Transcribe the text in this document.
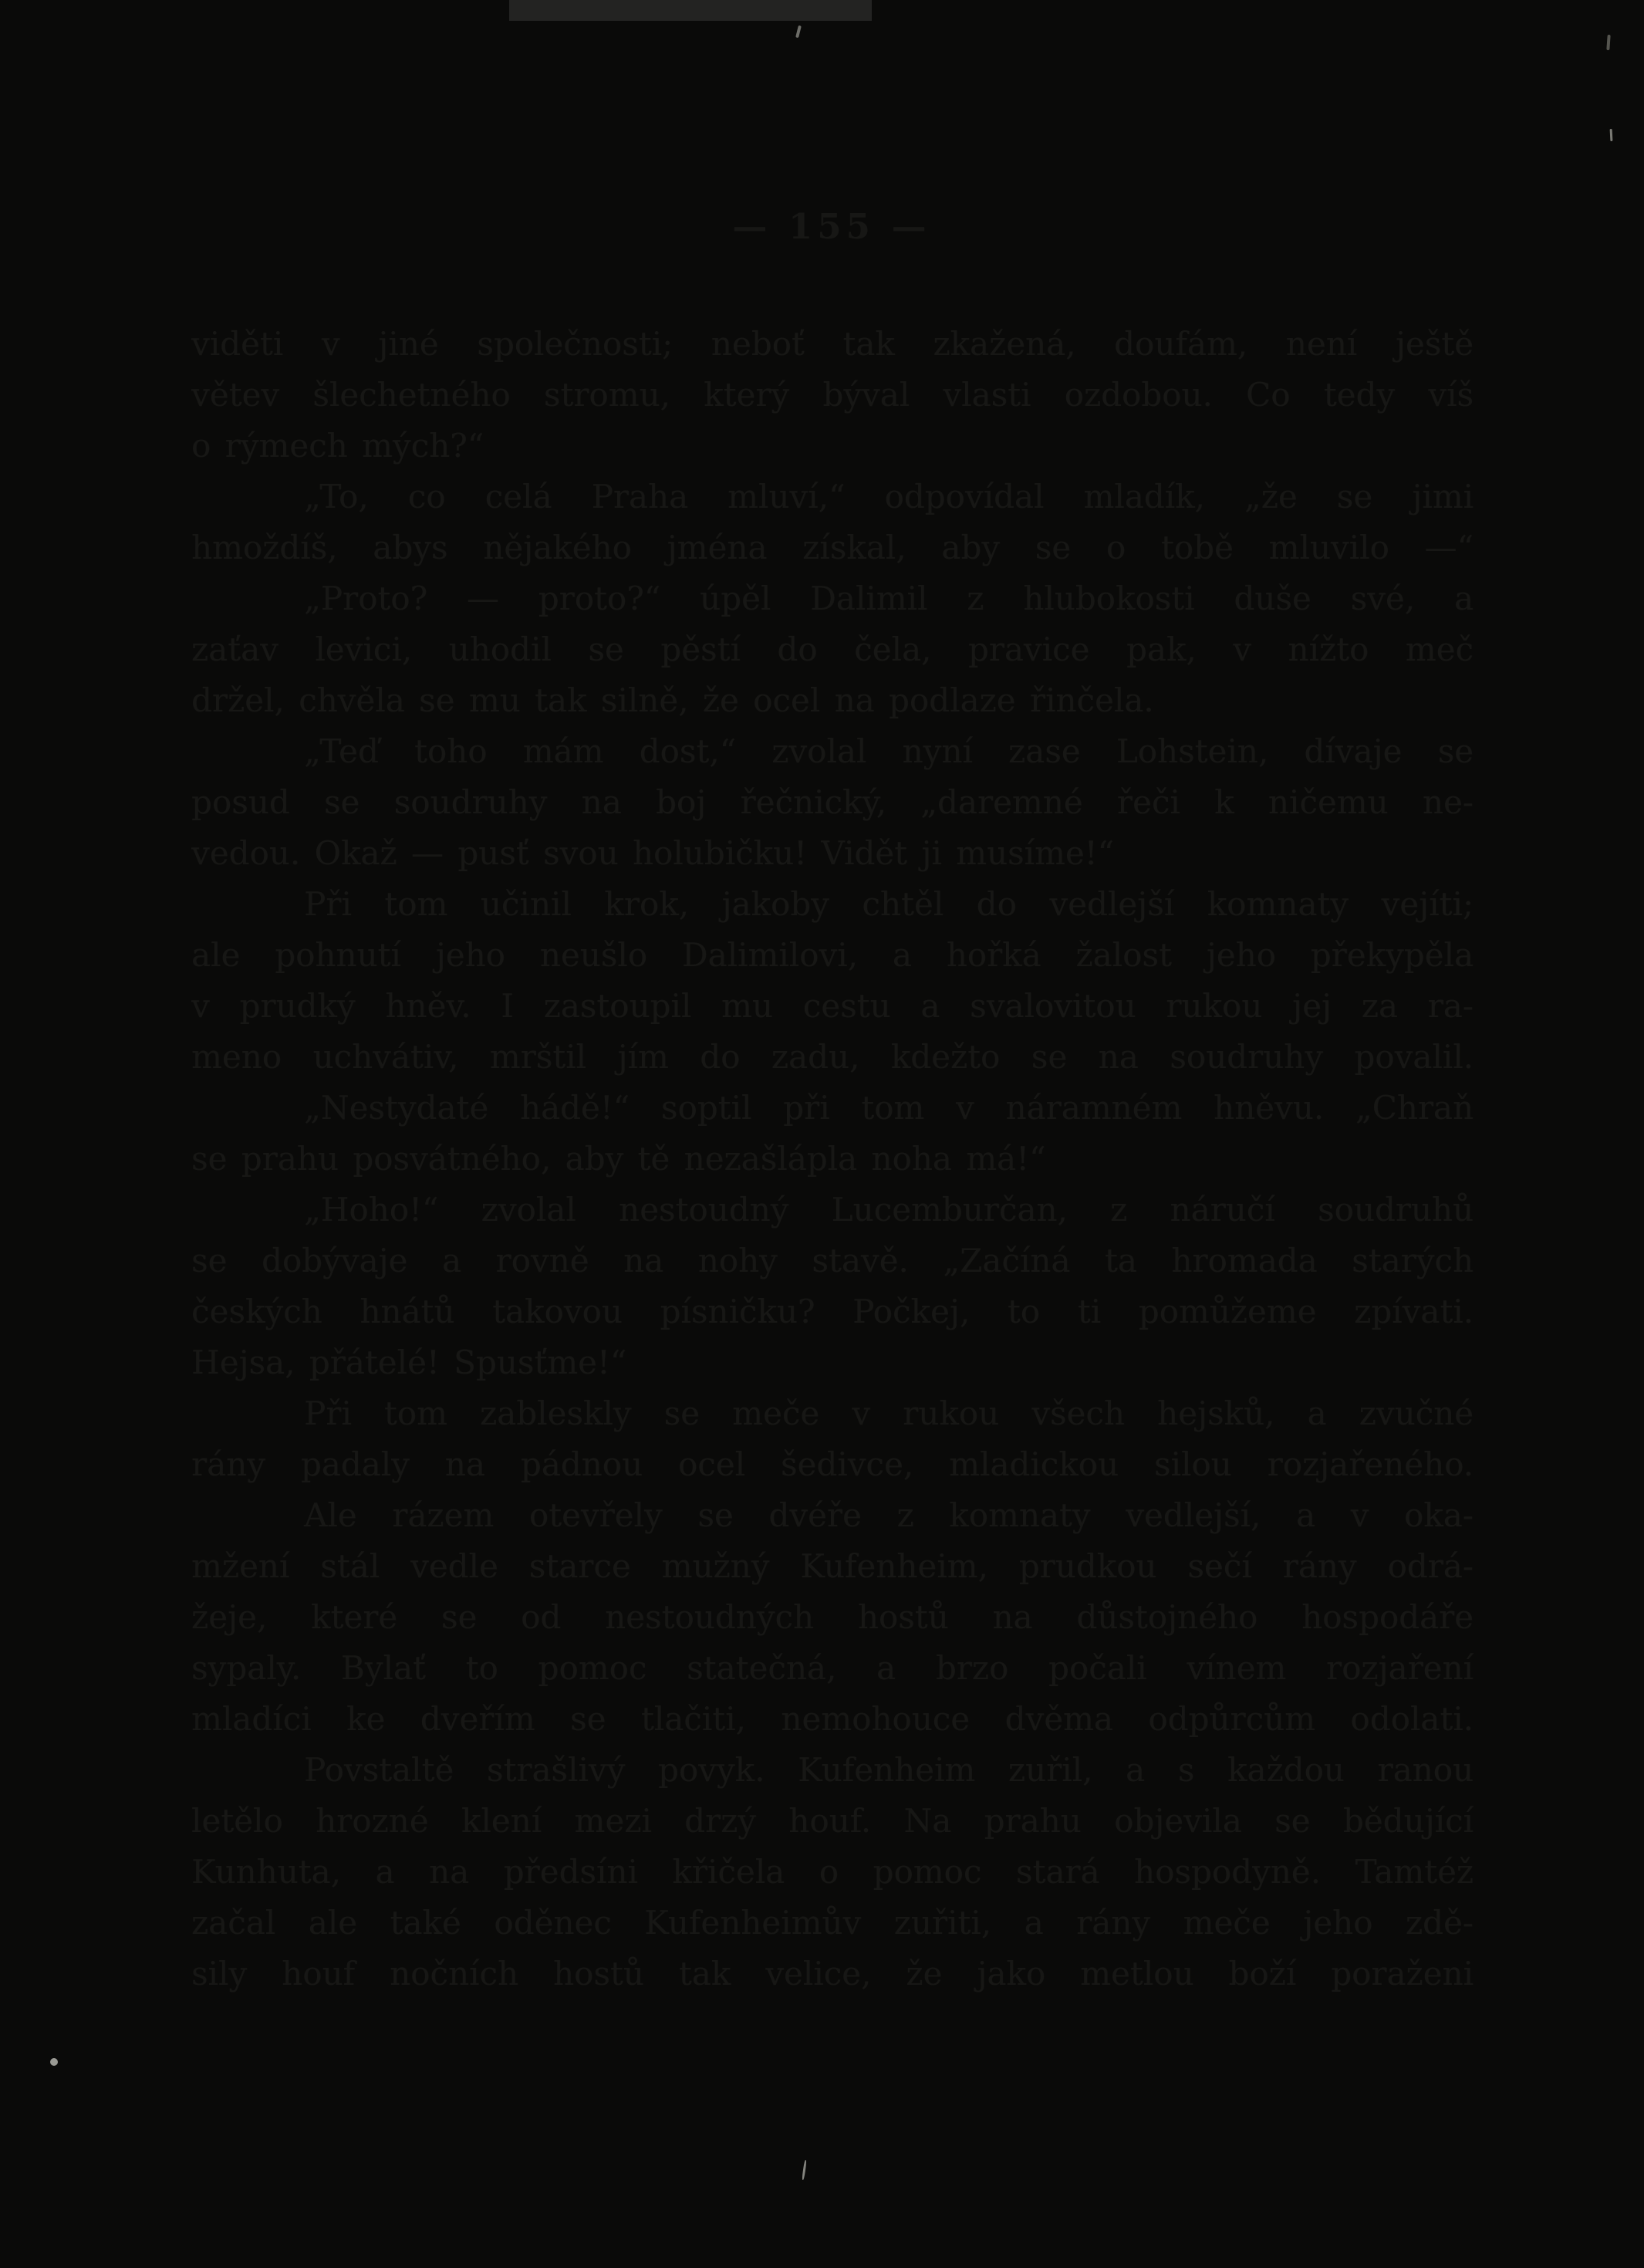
— 155 —
viděti v jiné společnosti; neboť tak zkažená, doufám, není ještě
větev šlechetného stromu, který býval vlasti ozdobou. Co tedy víš
o rýmech mých?“
„To, co celá Praha mluví,“ odpovídal mladík, „že se jimi
hmoždíš, abys nějakého jména získal, aby se o tobě mluvilo —“
„Proto? — proto?“ úpěl Dalimil z hlubokosti duše své, a
zaťav levici, uhodil se pěstí do čela, pravice pak, v nížto meč
držel, chvěla se mu tak silně, že ocel na podlaze řinčela.
„Teď toho mám dost,“ zvolal nyní zase Lohstein, dívaje se
posud se soudruhy na boj řečnický, „daremné řeči k ničemu ne-
vedou. Okaž — pusť svou holubičku! Vidět ji musíme!“
Při tom učinil krok, jakoby chtěl do vedlejší komnaty vejíti;
ale pohnutí jeho neušlo Dalimilovi, a hořká žalost jeho překypěla
v prudký hněv. I zastoupil mu cestu a svalovitou rukou jej za ra-
meno uchvátiv, mrštil jím do zadu, kdežto se na soudruhy povalil.
„Nestydaté hádě!“ soptil při tom v náramném hněvu. „Chraň
se prahu posvátného, aby tě nezašlápla noha má!“
„Hoho!“ zvolal nestoudný Lucemburčan, z náručí soudruhů
se dobývaje a rovně na nohy stavě. „Začíná ta hromada starých
českých hnátů takovou písničku? Počkej, to ti pomůžeme zpívati.
Hejsa, přátelé! Spusťme!“
Při tom zableskly se meče v rukou všech hejsků, a zvučné
rány padaly na pádnou ocel šedivce, mladickou silou rozjařeného.
Ale rázem otevřely se dvéře z komnaty vedlejší, a v oka-
mžení stál vedle starce mužný Kufenheim, prudkou sečí rány odrá-
žeje, které se od nestoudných hostů na důstojného hospodáře
sypaly. Bylať to pomoc statečná, a brzo počali vínem rozjaření
mladíci ke dveřím se tlačiti, nemohouce dvěma odpůrcům odolati.
Povstaltě strašlivý povyk. Kufenheim zuřil, a s každou ranou
letělo hrozné klení mezi drzý houf. Na prahu objevila se bědující
Kunhuta, a na předsíni křičela o pomoc stará hospodyně. Tamtéž
začal ale také oděnec Kufenheimův zuřiti, a rány meče jeho zdě-
sily houf nočních hostů tak velice, že jako metlou boží poraženi
